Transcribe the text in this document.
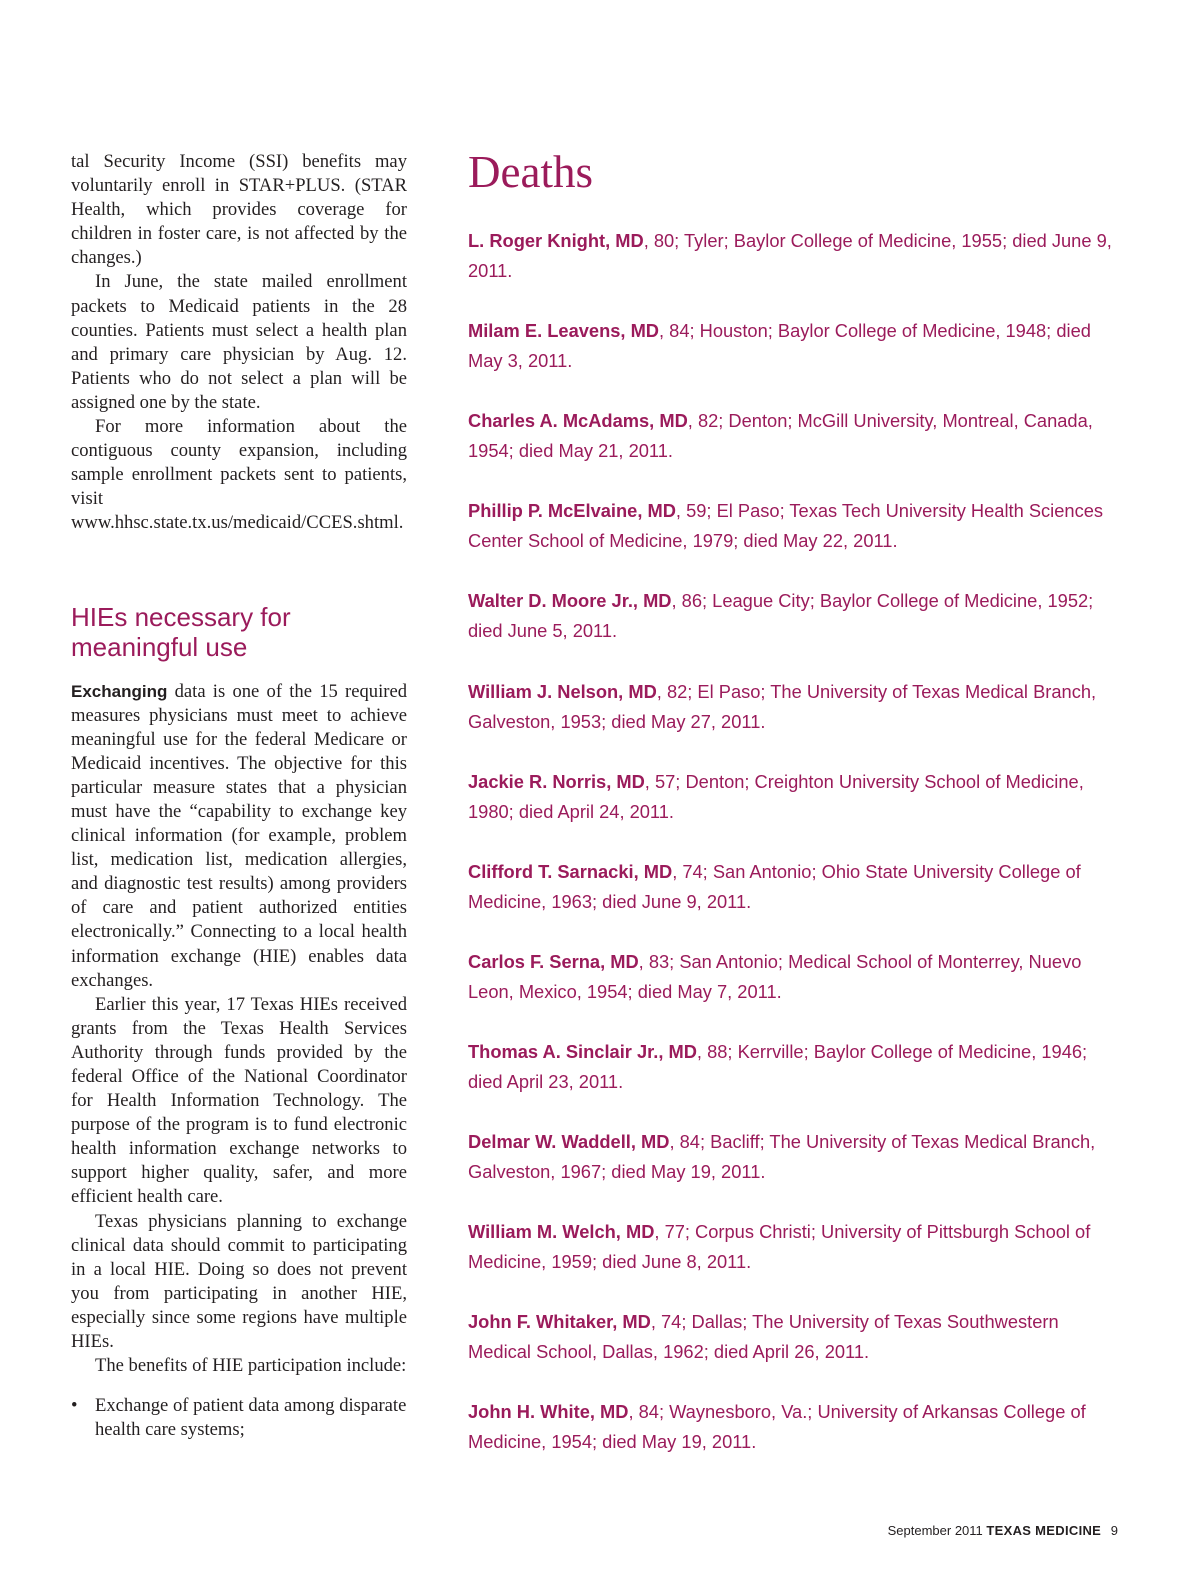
tal Security Income (SSI) benefits may voluntarily enroll in STAR+PLUS. (STAR Health, which provides coverage for children in foster care, is not affected by the changes.)

In June, the state mailed enrollment packets to Medicaid patients in the 28 counties. Patients must select a health plan and primary care physician by Aug. 12. Patients who do not select a plan will be assigned one by the state.

For more information about the contiguous county expansion, including sample enrollment packets sent to patients, visit www.hhsc.state.tx.us/medicaid/CCES.shtml.

HIEs necessary for
meaningful use

Exchanging data is one of the 15 required measures physicians must meet to achieve meaningful use for the federal Medicare or Medicaid incentives. The objective for this particular measure states that a physician must have the “capability to exchange key clinical information (for example, problem list, medication list, medication allergies, and diagnostic test results) among providers of care and patient authorized entities electronically.” Connecting to a local health information exchange (HIE) enables data exchanges.

Earlier this year, 17 Texas HIEs received grants from the Texas Health Services Authority through funds provided by the federal Office of the National Coordinator for Health Information Technology. The purpose of the program is to fund electronic health information exchange networks to support higher quality, safer, and more efficient health care.

Texas physicians planning to exchange clinical data should commit to participating in a local HIE. Doing so does not prevent you from participating in another HIE, especially since some regions have multiple HIEs.

The benefits of HIE participation include:

• Exchange of patient data among disparate health care systems;
Deaths

L. Roger Knight, MD, 80; Tyler; Baylor College of Medicine, 1955; died June 9, 2011.

Milam E. Leavens, MD, 84; Houston; Baylor College of Medicine, 1948; died May 3, 2011.

Charles A. McAdams, MD, 82; Denton; McGill University, Montreal, Canada, 1954; died May 21, 2011.

Phillip P. McElvaine, MD, 59; El Paso; Texas Tech University Health Sciences Center School of Medicine, 1979; died May 22, 2011.

Walter D. Moore Jr., MD, 86; League City; Baylor College of Medicine, 1952; died June 5, 2011.

William J. Nelson, MD, 82; El Paso; The University of Texas Medical Branch, Galveston, 1953; died May 27, 2011.

Jackie R. Norris, MD, 57; Denton; Creighton University School of Medicine, 1980; died April 24, 2011.

Clifford T. Sarnacki, MD, 74; San Antonio; Ohio State University College of Medicine, 1963; died June 9, 2011.

Carlos F. Serna, MD, 83; San Antonio; Medical School of Monterrey, Nuevo Leon, Mexico, 1954; died May 7, 2011.

Thomas A. Sinclair Jr., MD, 88; Kerrville; Baylor College of Medicine, 1946; died April 23, 2011.

Delmar W. Waddell, MD, 84; Bacliff; The University of Texas Medical Branch, Galveston, 1967; died May 19, 2011.

William M. Welch, MD, 77; Corpus Christi; University of Pittsburgh School of Medicine, 1959; died June 8, 2011.

John F. Whitaker, MD, 74; Dallas; The University of Texas Southwestern Medical School, Dallas, 1962; died April 26, 2011.

John H. White, MD, 84; Waynesboro, Va.; University of Arkansas College of Medicine, 1954; died May 19, 2011.

September 2011 TEXAS MEDICINE 9
